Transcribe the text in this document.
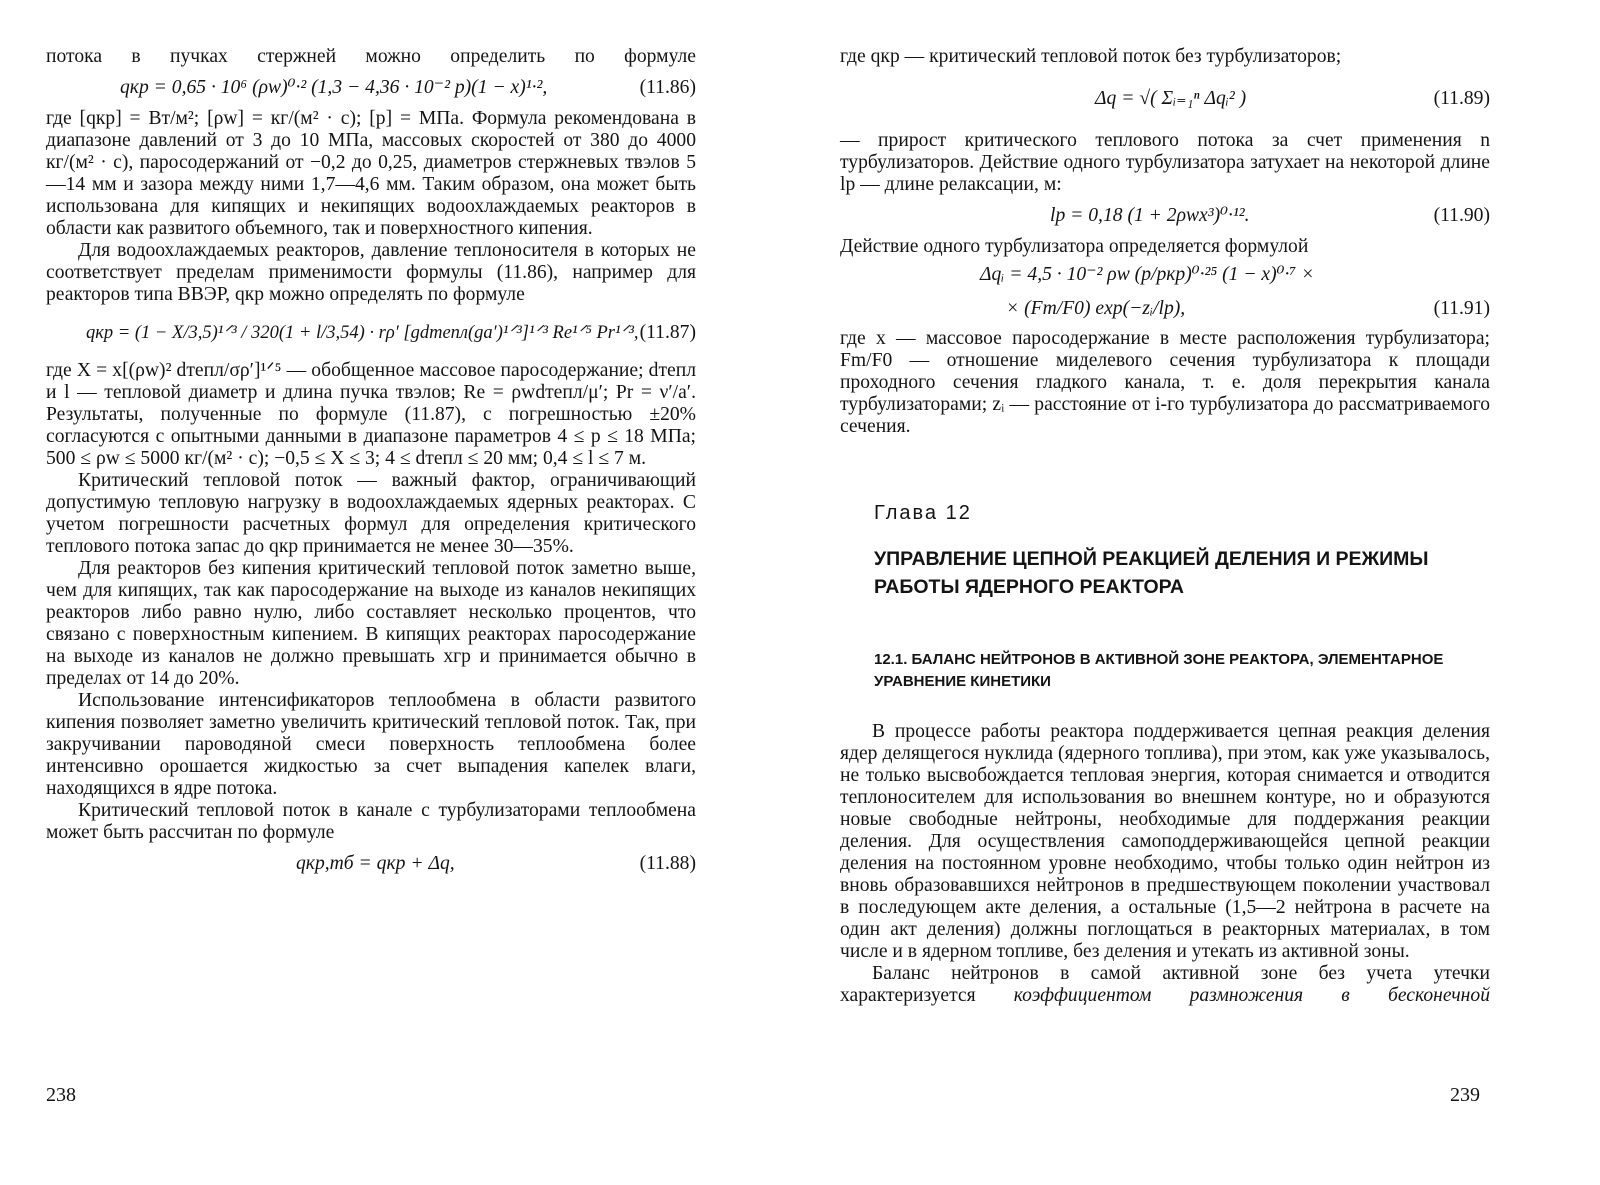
потока в пучках стержней можно определить по формуле

qкр = 0,65 · 10⁶ (ρw)⁰·² (1,3 − 4,36 · 10⁻² p)(1 − x)¹·²,	(11.86)

где [qкр] = Вт/м²; [ρw] = кг/(м² · с); [p] = МПа. Формула рекомендована в диапазоне давлений от 3 до 10 МПа, массовых скоростей от 380 до 4000 кг/(м² · с), паросодержаний от −0,2 до 0,25, диаметров стержневых твэлов 5—14 мм и зазора между ними 1,7—4,6 мм. Таким образом, она может быть использована для кипящих и некипящих водоохлаждаемых реакторов в области как развитого объемного, так и поверхностного кипения.

Для водоохлаждаемых реакторов, давление теплоносителя в которых не соответствует пределам применимости формулы (11.86), например для реакторов типа ВВЭР, qкр можно определять по формуле

qкр = (1 − X/3,5)¹ᐟ³ / 320(1 + l/3,54) · rρ′ [gdтепл(ga′)¹ᐟ³]¹ᐟ³ Re¹ᐟ⁵ Pr¹ᐟ³, (11.87)

где X = x[(ρw)² dтепл/σρ′]¹ᐟ⁵ — обобщенное массовое паросодержание; dтепл и l — тепловой диаметр и длина пучка твэлов; Re = ρwdтепл/μ′; Pr = ν′/a′. Результаты, полученные по формуле (11.87), с погрешностью ±20% согласуются с опытными данными в диапазоне параметров 4 ≤ p ≤ 18 МПа; 500 ≤ ρw ≤ 5000 кг/(м² · с); −0,5 ≤ X ≤ 3; 4 ≤ dтепл ≤ 20 мм; 0,4 ≤ l ≤ 7 м.

Критический тепловой поток — важный фактор, ограничивающий допустимую тепловую нагрузку в водоохлаждаемых ядерных реакторах. С учетом погрешности расчетных формул для определения критического теплового потока запас до qкр принимается не менее 30—35%.

Для реакторов без кипения критический тепловой поток заметно выше, чем для кипящих, так как паросодержание на выходе из каналов некипящих реакторов либо равно нулю, либо составляет несколько процентов, что связано с поверхностным кипением. В кипящих реакторах паросодержание на выходе из каналов не должно превышать xгр и принимается обычно в пределах от 14 до 20%.

Использование интенсификаторов теплообмена в области развитого кипения позволяет заметно увеличить критический тепловой поток. Так, при закручивании пароводяной смеси поверхность теплообмена более интенсивно орошается жидкостью за счет выпадения капелек влаги, находящихся в ядре потока.

Критический тепловой поток в канале с турбулизаторами теплообмена может быть рассчитан по формуле

qкр,тб = qкр + Δq,	(11.88)
238

где qкр — критический тепловой поток без турбулизаторов;

Δq = √( Σᵢ₌₁ⁿ Δqᵢ² )	(11.89)

— прирост критического теплового потока за счет применения n турбулизаторов. Действие одного турбулизатора затухает на некоторой длине lр — длине релаксации, м:

lр = 0,18 (1 + 2ρwx³)⁰·¹².	(11.90)

Действие одного турбулизатора определяется формулой

Δqᵢ = 4,5 · 10⁻² ρw (p/pкр)⁰·²⁵ (1 − x)⁰·⁷ ×
× (Fm/F0) exp(−zᵢ/lр),	(11.91)

где x — массовое паросодержание в месте расположения турбулизатора; Fm/F0 — отношение миделевого сечения турбулизатора к площади проходного сечения гладкого канала, т. е. доля перекрытия канала турбулизаторами; zᵢ — расстояние от i-го турбулизатора до рассматриваемого сечения.

Глава 12
УПРАВЛЕНИЕ ЦЕПНОЙ РЕАКЦИЕЙ ДЕЛЕНИЯ И РЕЖИМЫ РАБОТЫ ЯДЕРНОГО РЕАКТОРА
12.1. БАЛАНС НЕЙТРОНОВ В АКТИВНОЙ ЗОНЕ РЕАКТОРА, ЭЛЕМЕНТАРНОЕ УРАВНЕНИЕ КИНЕТИКИ

В процессе работы реактора поддерживается цепная реакция деления ядер делящегося нуклида (ядерного топлива), при этом, как уже указывалось, не только высвобождается тепловая энергия, которая снимается и отводится теплоносителем для использования во внешнем контуре, но и образуются новые свободные нейтроны, необходимые для поддержания реакции деления. Для осуществления самоподдерживающейся цепной реакции деления на постоянном уровне необходимо, чтобы только один нейтрон из вновь образовавшихся нейтронов в предшествующем поколении участвовал в последующем акте деления, а остальные (1,5—2 нейтрона в расчете на один акт деления) должны поглощаться в реакторных материалах, в том числе и в ядерном топливе, без деления и утекать из активной зоны.

Баланс нейтронов в самой активной зоне без учета утечки характеризуется коэффициентом размножения в бесконечной

239
